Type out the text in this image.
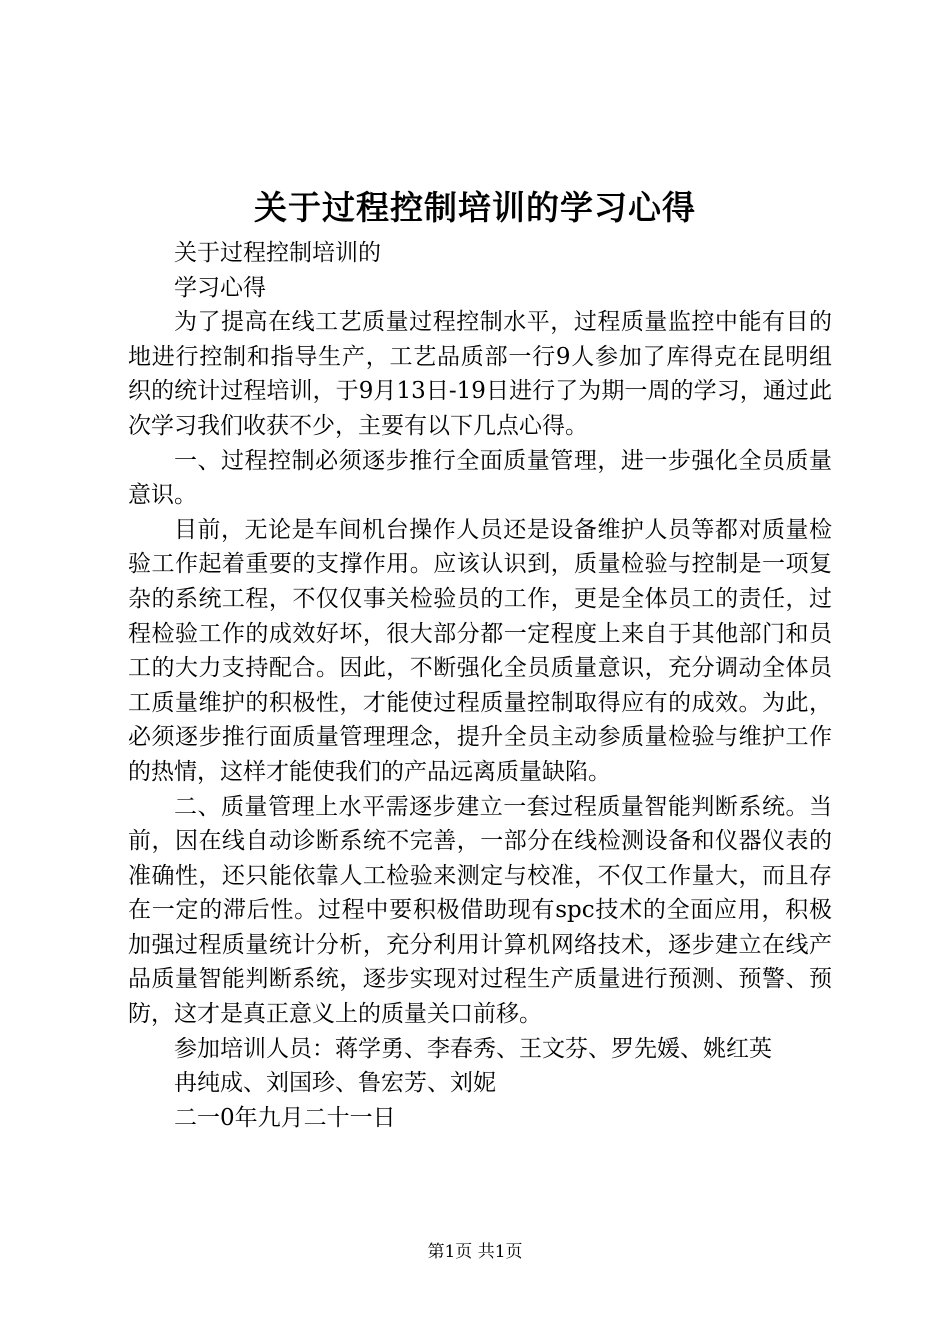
关于过程控制培训的学习心得

关于过程控制培训的

学习心得

为了提高在线工艺质量过程控制水平，过程质量监控中能有目的地进行控制和指导生产，工艺品质部一行9人参加了库得克在昆明组织的统计过程培训，于9月13日-19日进行了为期一周的学习，通过此次学习我们收获不少，主要有以下几点心得。

一、过程控制必须逐步推行全面质量管理，进一步强化全员质量意识。

目前，无论是车间机台操作人员还是设备维护人员等都对质量检验工作起着重要的支撑作用。应该认识到，质量检验与控制是一项复杂的系统工程，不仅仅事关检验员的工作，更是全体员工的责任，过程检验工作的成效好坏，很大部分都一定程度上来自于其他部门和员工的大力支持配合。因此，不断强化全员质量意识，充分调动全体员工质量维护的积极性，才能使过程质量控制取得应有的成效。为此，必须逐步推行面质量管理理念，提升全员主动参质量检验与维护工作的热情，这样才能使我们的产品远离质量缺陷。

二、质量管理上水平需逐步建立一套过程质量智能判断系统。当前，因在线自动诊断系统不完善，一部分在线检测设备和仪器仪表的准确性，还只能依靠人工检验来测定与校准，不仅工作量大，而且存在一定的滞后性。过程中要积极借助现有spc技术的全面应用，积极加强过程质量统计分析，充分利用计算机网络技术，逐步建立在线产品质量智能判断系统，逐步实现对过程生产质量进行预测、预警、预防，这才是真正意义上的质量关口前移。

参加培训人员：蒋学勇、李春秀、王文芬、罗先媛、姚红英

冉纯成、刘国珍、鲁宏芳、刘妮

二一0年九月二十一日

第1页 共1页
